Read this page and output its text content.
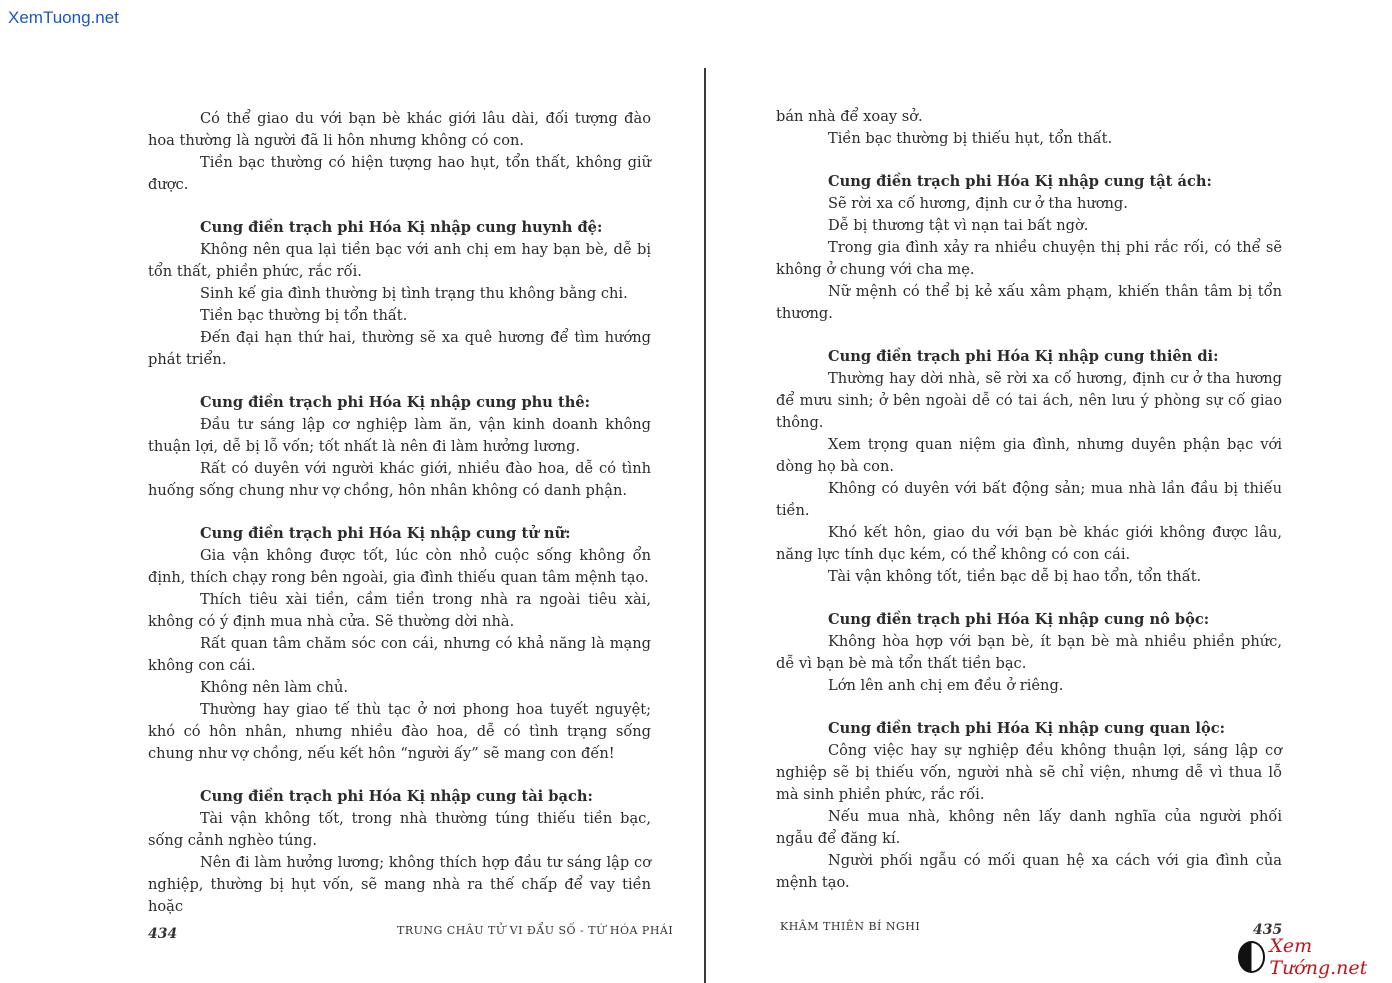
XemTuong.net

Có thể giao du với bạn bè khác giới lâu dài, đối tượng đào hoa thường là người đã li hôn nhưng không có con.

Tiền bạc thường có hiện tượng hao hụt, tổn thất, không giữ được.

Cung điền trạch phi Hóa Kị nhập cung huynh đệ:

Không nên qua lại tiền bạc với anh chị em hay bạn bè, dễ bị tổn thất, phiền phức, rắc rối.

Sinh kế gia đình thường bị tình trạng thu không bằng chi.

Tiền bạc thường bị tổn thất.

Đến đại hạn thứ hai, thường sẽ xa quê hương để tìm hướng phát triển.

Cung điền trạch phi Hóa Kị nhập cung phu thê:

Đầu tư sáng lập cơ nghiệp làm ăn, vận kinh doanh không thuận lợi, dễ bị lỗ vốn; tốt nhất là nên đi làm hưởng lương.

Rất có duyên với người khác giới, nhiều đào hoa, dễ có tình huống sống chung như vợ chồng, hôn nhân không có danh phận.

Cung điền trạch phi Hóa Kị nhập cung tử nữ:

Gia vận không được tốt, lúc còn nhỏ cuộc sống không ổn định, thích chạy rong bên ngoài, gia đình thiếu quan tâm mệnh tạo.

Thích tiêu xài tiền, cầm tiền trong nhà ra ngoài tiêu xài, không có ý định mua nhà cửa. Sẽ thường dời nhà.

Rất quan tâm chăm sóc con cái, nhưng có khả năng là mạng không con cái.

Không nên làm chủ.

Thường hay giao tế thù tạc ở nơi phong hoa tuyết nguyệt; khó có hôn nhân, nhưng nhiều đào hoa, dễ có tình trạng sống chung như vợ chồng, nếu kết hôn “người ấy” sẽ mang con đến!

Cung điền trạch phi Hóa Kị nhập cung tài bạch:

Tài vận không tốt, trong nhà thường túng thiếu tiền bạc, sống cảnh nghèo túng.

Nên đi làm hưởng lương; không thích hợp đầu tư sáng lập cơ nghiệp, thường bị hụt vốn, sẽ mang nhà ra thế chấp để vay tiền hoặc

434	TRUNG CHÂU TỬ VI ĐẨU SỐ - TỨ HÓA PHÁI

bán nhà để xoay sở.

Tiền bạc thường bị thiếu hụt, tổn thất.

Cung điền trạch phi Hóa Kị nhập cung tật ách:

Sẽ rời xa cố hương, định cư ở tha hương.

Dễ bị thương tật vì nạn tai bất ngờ.

Trong gia đình xảy ra nhiều chuyện thị phi rắc rối, có thể sẽ không ở chung với cha mẹ.

Nữ mệnh có thể bị kẻ xấu xâm phạm, khiến thân tâm bị tổn thương.

Cung điền trạch phi Hóa Kị nhập cung thiên di:

Thường hay dời nhà, sẽ rời xa cố hương, định cư ở tha hương để mưu sinh; ở bên ngoài dễ có tai ách, nên lưu ý phòng sự cố giao thông.

Xem trọng quan niệm gia đình, nhưng duyên phận bạc với dòng họ bà con.

Không có duyên với bất động sản; mua nhà lần đầu bị thiếu tiền.

Khó kết hôn, giao du với bạn bè khác giới không được lâu, năng lực tính dục kém, có thể không có con cái.

Tài vận không tốt, tiền bạc dễ bị hao tổn, tổn thất.

Cung điền trạch phi Hóa Kị nhập cung nô bộc:

Không hòa hợp với bạn bè, ít bạn bè mà nhiều phiền phức, dễ vì bạn bè mà tổn thất tiền bạc.

Lớn lên anh chị em đều ở riêng.

Cung điền trạch phi Hóa Kị nhập cung quan lộc:

Công việc hay sự nghiệp đều không thuận lợi, sáng lập cơ nghiệp sẽ bị thiếu vốn, người nhà sẽ chỉ viện, nhưng dễ vì thua lỗ mà sinh phiền phức, rắc rối.

Nếu mua nhà, không nên lấy danh nghĩa của người phối ngẫu để đăng kí.

Người phối ngẫu có mối quan hệ xa cách với gia đình của mệnh tạo.

KHÂM THIÊN BÍ NGHI	435
Xem Tướng.net
